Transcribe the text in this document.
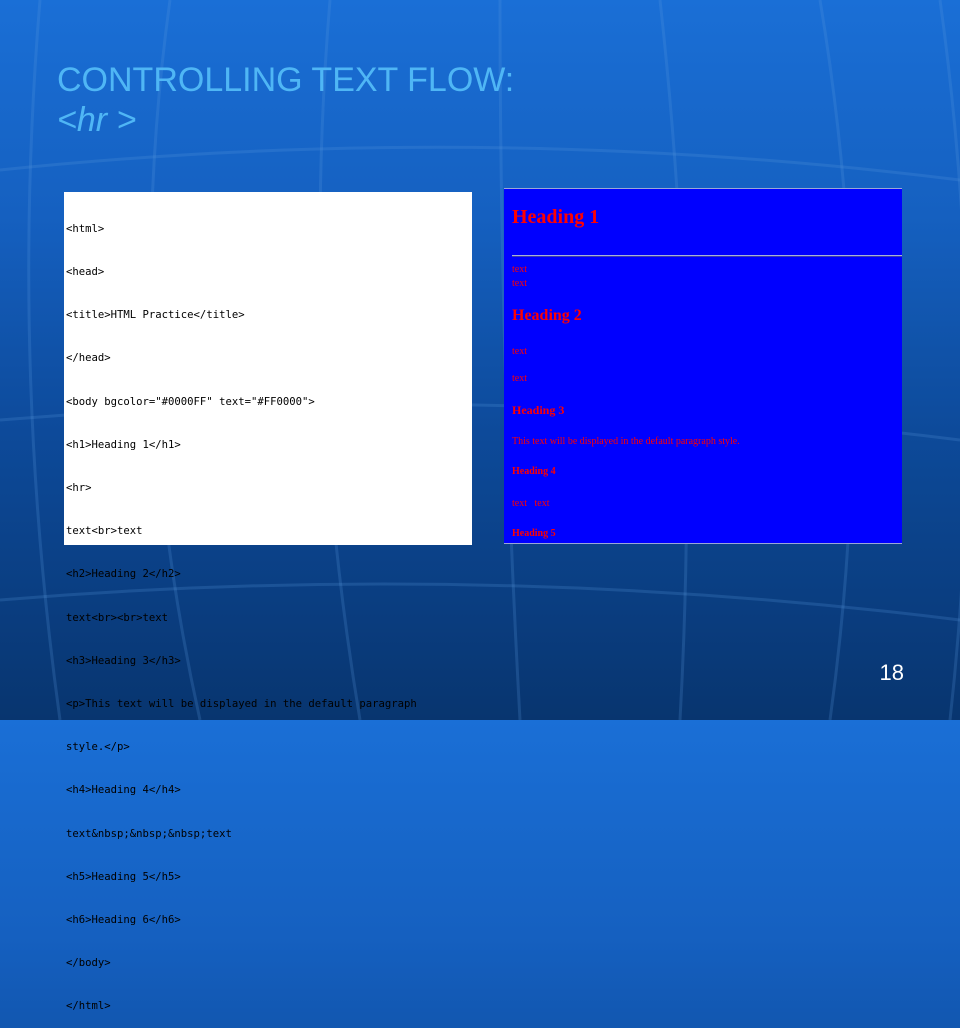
CONTROLLING TEXT FLOW:
<hr >

<html>

<head>

<title>HTML Practice</title>

</head>

<body bgcolor="#0000FF" text="#FF0000">

<h1>Heading 1</h1>

<hr>

text<br>text

<h2>Heading 2</h2>

text<br><br>text

<h3>Heading 3</h3>

<p>This text will be displayed in the default paragraph

style.</p>

<h4>Heading 4</h4>

text&nbsp;&nbsp;&nbsp;text

<h5>Heading 5</h5>

<h6>Heading 6</h6>

</body>

</html>

Heading 1
text
text
Heading 2
text
text
Heading 3
This text will be displayed in the default paragraph style.
Heading 4
text   text
Heading 5
18
